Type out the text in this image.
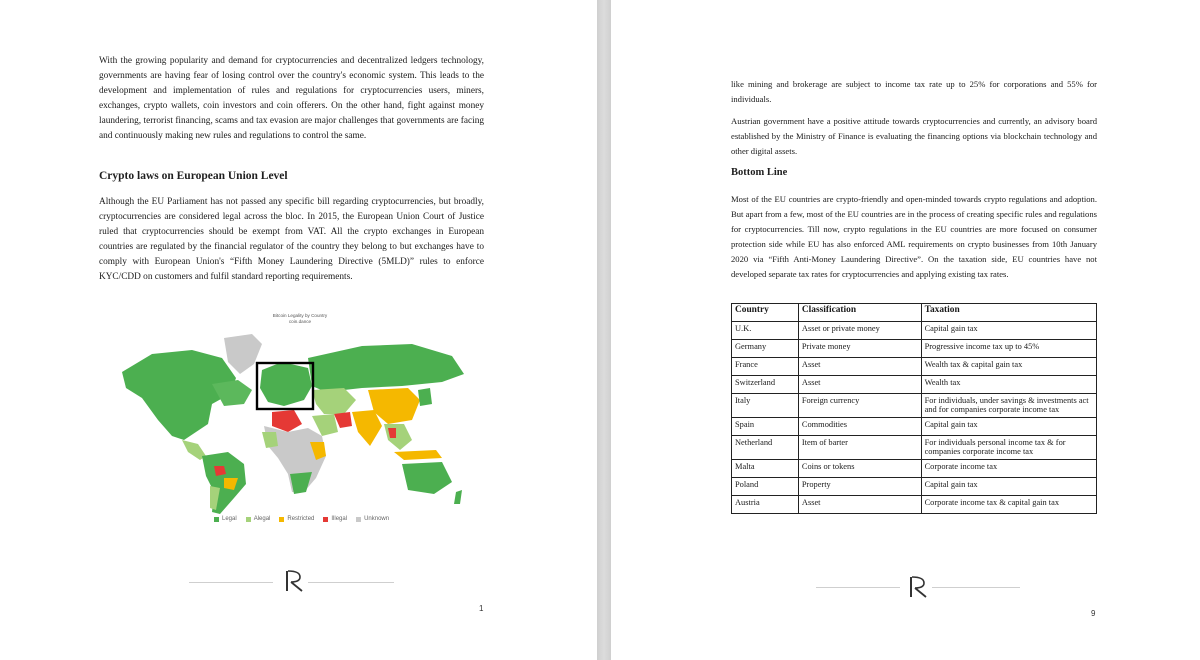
With the growing popularity and demand for cryptocurrencies and decentralized ledgers technology, governments are having fear of losing control over the country's economic system. This leads to the development and implementation of rules and regulations for cryptocurrencies users, miners, exchanges, crypto wallets, coin investors and coin offerers. On the other hand, fight against money laundering, terrorist financing, scams and tax evasion are major challenges that governments are facing and continuously making new rules and regulations to control the same.

Crypto laws on European Union Level

Although the EU Parliament has not passed any specific bill regarding cryptocurrencies, but broadly, cryptocurrencies are considered legal across the bloc. In 2015, the European Union Court of Justice ruled that cryptocurrencies should be exempt from VAT. All the crypto exchanges in European countries are regulated by the financial regulator of the country they belong to but exchanges have to comply with European Union's “Fifth Money Laundering Directive (5MLD)” rules to enforce KYC/CDD on customers and fulfil standard reporting requirements.

Bitcoin Legality by Country
coin.dance
Legal	Alegal	Restricted	Illegal	Unknown
1

like mining and brokerage are subject to income tax rate up to 25% for corporations and 55% for individuals.

Austrian government have a positive attitude towards cryptocurrencies and currently, an advisory board established by the Ministry of Finance is evaluating the financing options via blockchain technology and other digital assets.

Bottom Line

Most of the EU countries are crypto-friendly and open-minded towards crypto regulations and adoption. But apart from a few, most of the EU countries are in the process of creating specific rules and regulations for cryptocurrencies. Till now, crypto regulations in the EU countries are more focused on consumer protection side while EU has also enforced AML requirements on crypto businesses from 10th January 2020 via “Fifth Anti-Money Laundering Directive”. On the taxation side, EU countries have not developed separate tax rates for cryptocurrencies and applying existing tax rates.

Country	Classification	Taxation
U.K.	Asset or private money	Capital gain tax
Germany	Private money	Progressive income tax up to 45%
France	Asset	Wealth tax & capital gain tax
Switzerland	Asset	Wealth tax
Italy	Foreign currency	For individuals, under savings & investments act and for companies corporate income tax
Spain	Commodities	Capital gain tax
Netherland	Item of barter	For individuals personal income tax & for companies corporate income tax
Malta	Coins or tokens	Corporate income tax
Poland	Property	Capital gain tax
Austria	Asset	Corporate income tax & capital gain tax
9
